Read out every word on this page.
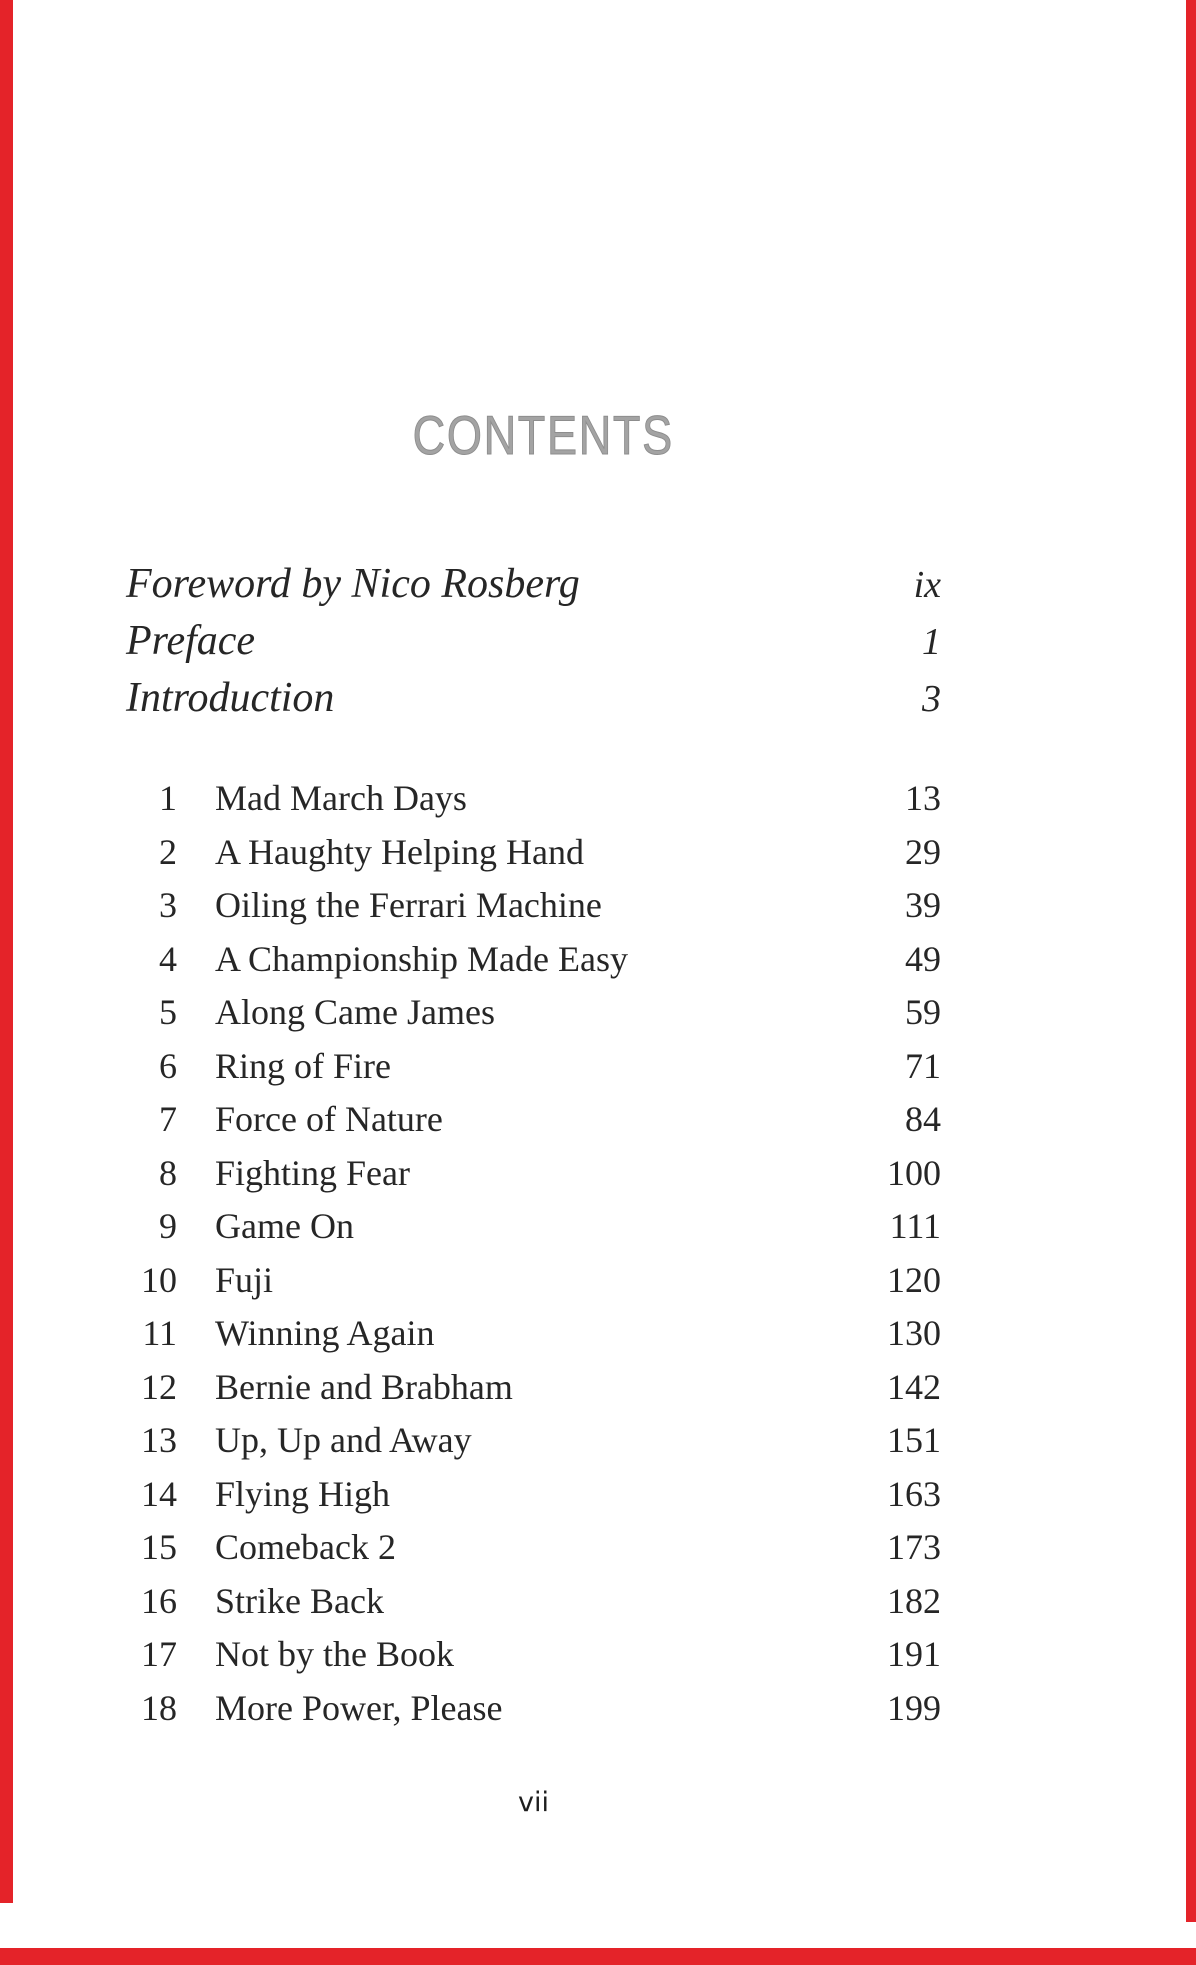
CONTENTS
Foreword by Nico Rosberg	ix
Preface	1
Introduction	3
1 Mad March Days	13
2 A Haughty Helping Hand	29
3 Oiling the Ferrari Machine	39
4 A Championship Made Easy	49
5 Along Came James	59
6 Ring of Fire	71
7 Force of Nature	84
8 Fighting Fear	100
9 Game On	111
10 Fuji	120
11 Winning Again	130
12 Bernie and Brabham	142
13 Up, Up and Away	151
14 Flying High	163
15 Comeback 2	173
16 Strike Back	182
17 Not by the Book	191
18 More Power, Please	199
vii
